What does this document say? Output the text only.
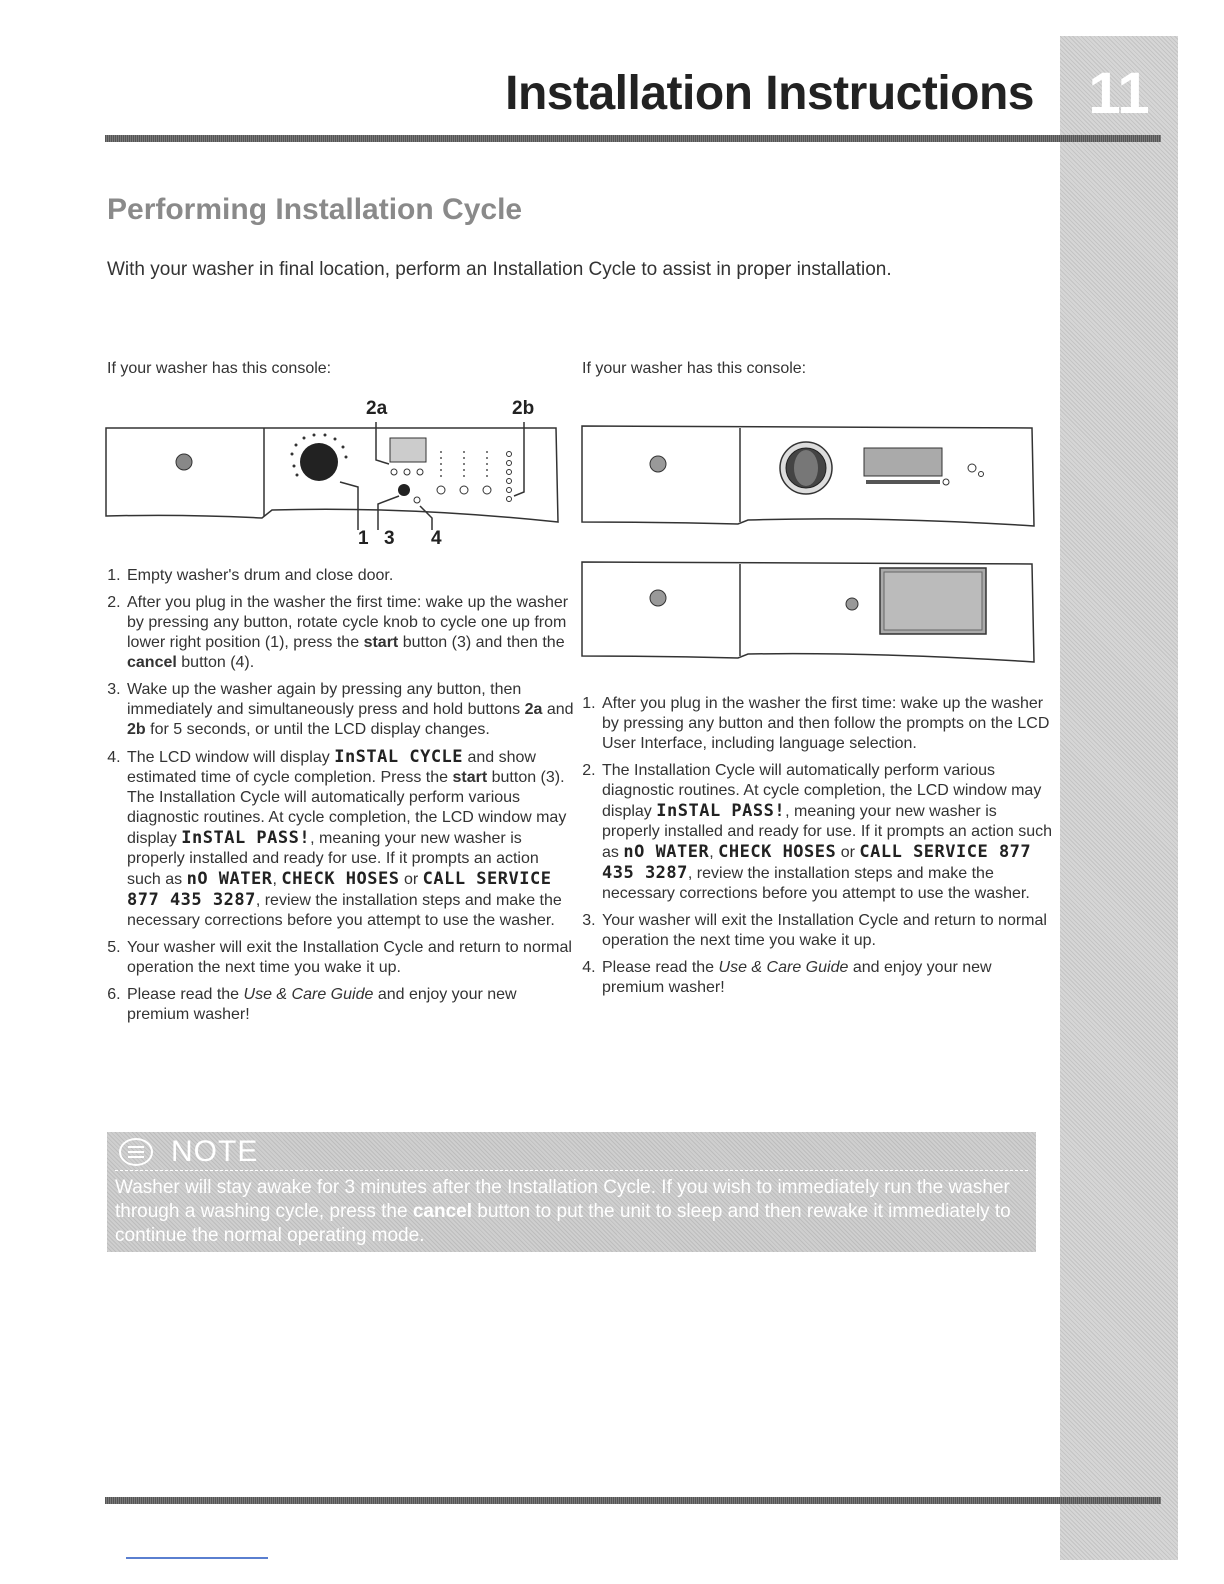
11
Installation Instructions
Performing Installation Cycle
With your washer in final location, perform an Installation Cycle to assist in proper installation.
If your washer has this console:	If your washer has this console:
2a	2b
1 3 4
1. Empty washer's drum and close door.
2. After you plug in the washer the first time: wake up the washer by pressing any button, rotate cycle knob to cycle one up from lower right position (1), press the start button (3) and then the cancel button (4).
3. Wake up the washer again by pressing any button, then immediately and simultaneously press and hold buttons 2a and 2b for 5 seconds, or until the LCD display changes.
4. The LCD window will display InSTAL CYCLE and show estimated time of cycle completion. Press the start button (3). The Installation Cycle will automatically perform various diagnostic routines. At cycle completion, the LCD window may display InSTAL PASS!, meaning your new washer is properly installed and ready for use. If it prompts an action such as nO WATER, CHECK HOSES or CALL SERVICE 877 435 3287, review the installation steps and make the necessary corrections before you attempt to use the washer.
5. Your washer will exit the Installation Cycle and return to normal operation the next time you wake it up.
6. Please read the Use & Care Guide and enjoy your new premium washer!
1. After you plug in the washer the first time: wake up the washer by pressing any button and then follow the prompts on the LCD User Interface, including language selection.
2. The Installation Cycle will automatically perform various diagnostic routines. At cycle completion, the LCD window may display InSTAL PASS!, meaning your new washer is properly installed and ready for use. If it prompts an action such as nO WATER, CHECK HOSES or CALL SERVICE 877 435 3287, review the installation steps and make the necessary corrections before you attempt to use the washer.
3. Your washer will exit the Installation Cycle and return to normal operation the next time you wake it up.
4. Please read the Use & Care Guide and enjoy your new premium washer!
NOTE
Washer will stay awake for 3 minutes after the Installation Cycle. If you wish to immediately run the washer through a washing cycle, press the cancel button to put the unit to sleep and then rewake it immediately to continue the normal operating mode.
